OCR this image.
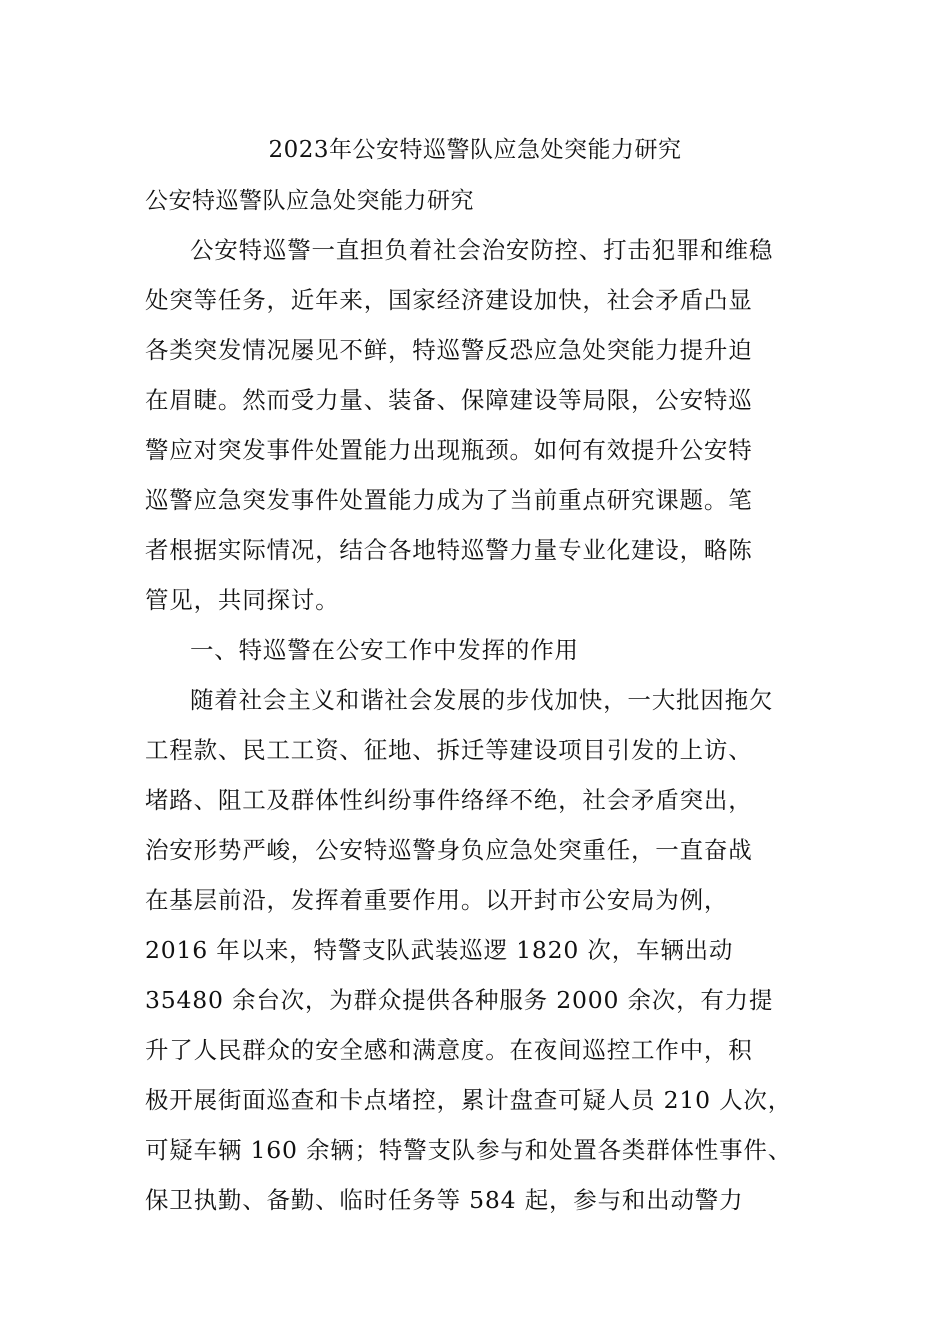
2023年公安特巡警队应急处突能力研究
公安特巡警队应急处突能力研究
公安特巡警一直担负着社会治安防控、打击犯罪和维稳
处突等任务，近年来，国家经济建设加快，社会矛盾凸显
各类突发情况屡见不鲜，特巡警反恐应急处突能力提升迫
在眉睫。然而受力量、装备、保障建设等局限，公安特巡
警应对突发事件处置能力出现瓶颈。如何有效提升公安特
巡警应急突发事件处置能力成为了当前重点研究课题。笔
者根据实际情况，结合各地特巡警力量专业化建设，略陈
管见，共同探讨。
一、特巡警在公安工作中发挥的作用
随着社会主义和谐社会发展的步伐加快，一大批因拖欠
工程款、民工工资、征地、拆迁等建设项目引发的上访、
堵路、阻工及群体性纠纷事件络绎不绝，社会矛盾突出，
治安形势严峻，公安特巡警身负应急处突重任，一直奋战
在基层前沿，发挥着重要作用。以开封市公安局为例，
2016 年以来，特警支队武装巡逻 1820 次，车辆出动
35480 余台次，为群众提供各种服务 2000 余次，有力提
升了人民群众的安全感和满意度。在夜间巡控工作中，积
极开展街面巡查和卡点堵控，累计盘查可疑人员 210 人次，
可疑车辆 160 余辆；特警支队参与和处置各类群体性事件、
保卫执勤、备勤、临时任务等 584 起，参与和出动警力
